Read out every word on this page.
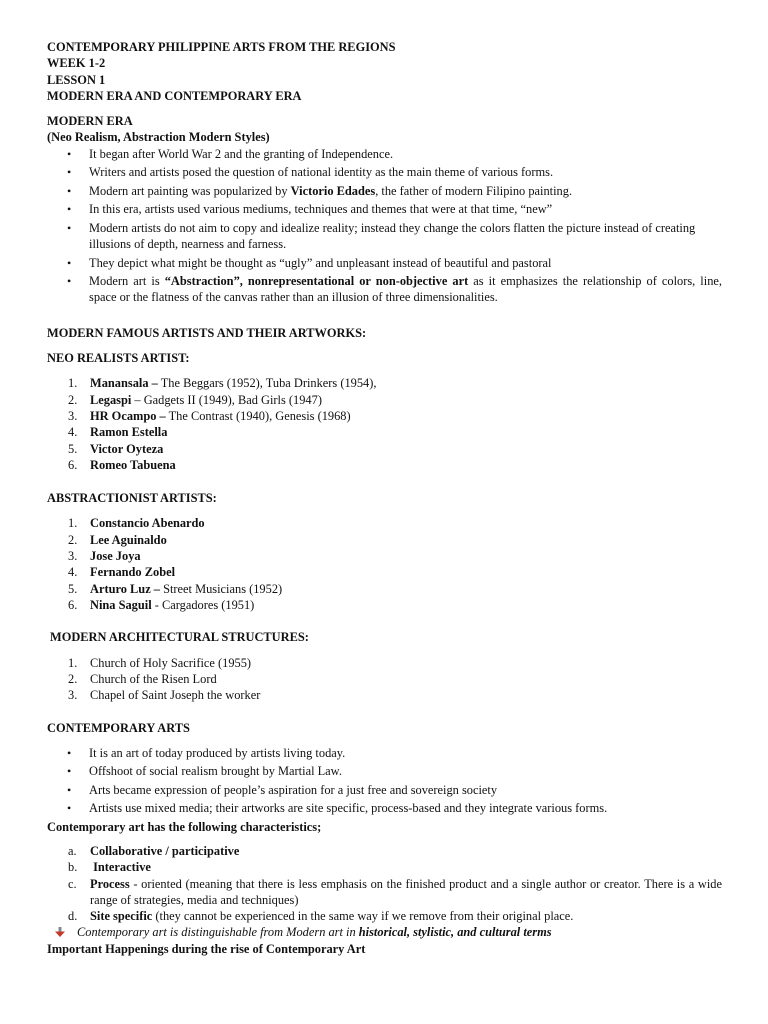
CONTEMPORARY PHILIPPINE ARTS FROM THE REGIONS
WEEK 1-2
LESSON 1
MODERN ERA AND CONTEMPORARY ERA
MODERN ERA
(Neo Realism, Abstraction Modern Styles)
• It began after World War 2 and the granting of Independence.
• Writers and artists posed the question of national identity as the main theme of various forms.
• Modern art painting was popularized by Victorio Edades, the father of modern Filipino painting.
• In this era, artists used various mediums, techniques and themes that were at that time, “new”
• Modern artists do not aim to copy and idealize reality; instead they change the colors flatten the picture instead of creating illusions of depth, nearness and farness.
• They depict what might be thought as “ugly” and unpleasant instead of beautiful and pastoral
• Modern art is “Abstraction”, nonrepresentational or non-objective art as it emphasizes the relationship of colors, line, space or the flatness of the canvas rather than an illusion of three dimensionalities.
MODERN FAMOUS ARTISTS AND THEIR ARTWORKS:
NEO REALISTS ARTIST:
1. Manansala – The Beggars (1952), Tuba Drinkers (1954),
2. Legaspi – Gadgets II (1949), Bad Girls (1947)
3. HR Ocampo – The Contrast (1940), Genesis (1968)
4. Ramon Estella
5. Victor Oyteza
6. Romeo Tabuena
ABSTRACTIONIST ARTISTS:
1. Constancio Abenardo
2. Lee Aguinaldo
3. Jose Joya
4. Fernando Zobel
5. Arturo Luz – Street Musicians (1952)
6. Nina Saguil - Cargadores (1951)
MODERN ARCHITECTURAL STRUCTURES:
1. Church of Holy Sacrifice (1955)
2. Church of the Risen Lord
3. Chapel of Saint Joseph the worker
CONTEMPORARY ARTS
• It is an art of today produced by artists living today.
• Offshoot of social realism brought by Martial Law.
• Arts became expression of people’s aspiration for a just free and sovereign society
• Artists use mixed media; their artworks are site specific, process-based and they integrate various forms.
Contemporary art has the following characteristics;
a. Collaborative / participative
b. Interactive
c. Process - oriented (meaning that there is less emphasis on the finished product and a single author or creator. There is a wide range of strategies, media and techniques)
d. Site specific (they cannot be experienced in the same way if we remove from their original place.
Contemporary art is distinguishable from Modern art in historical, stylistic, and cultural terms
Important Happenings during the rise of Contemporary Art
